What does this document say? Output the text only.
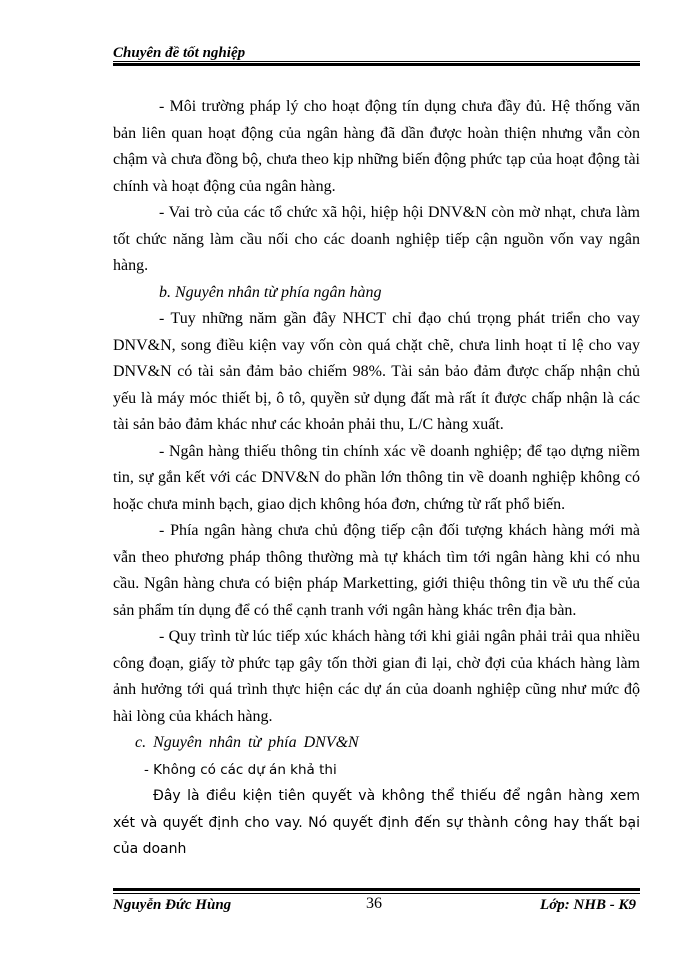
Chuyên đề tốt nghiệp

- Môi trường pháp lý cho hoạt động tín dụng chưa đầy đủ. Hệ thống văn bản liên quan hoạt động của ngân hàng đã dần được hoàn thiện nhưng vẫn còn chậm và chưa đồng bộ, chưa theo kịp những biến động phức tạp của hoạt động tài chính và hoạt động của ngân hàng.

- Vai trò của các tổ chức xã hội, hiệp hội DNV&N còn mờ nhạt, chưa làm tốt chức năng làm cầu nối cho các doanh nghiệp tiếp cận nguồn vốn vay ngân hàng.

b. Nguyên nhân từ phía ngân hàng

- Tuy những năm gần đây NHCT chỉ đạo chú trọng phát triển cho vay DNV&N, song điều kiện vay vốn còn quá chặt chẽ, chưa linh hoạt tỉ lệ cho vay DNV&N có tài sản đảm bảo chiếm 98%. Tài sản bảo đảm được chấp nhận chủ yếu là máy móc thiết bị, ô tô, quyền sử dụng đất mà rất ít được chấp nhận là các tài sản bảo đảm khác như các khoản phải thu, L/C hàng xuất.

- Ngân hàng thiếu thông tin chính xác về doanh nghiệp; để tạo dựng niềm tin, sự gắn kết với các DNV&N do phần lớn thông tin về doanh nghiệp không có hoặc chưa minh bạch, giao dịch không hóa đơn, chứng từ rất phổ biến.

- Phía ngân hàng chưa chủ động tiếp cận đối tượng khách hàng mới mà vẫn theo phương pháp thông thường mà tự khách tìm tới ngân hàng khi có nhu cầu. Ngân hàng chưa có biện pháp Marketting, giới thiệu thông tin về ưu thế của sản phẩm tín dụng để có thể cạnh tranh với ngân hàng khác trên địa bàn.

- Quy trình từ lúc tiếp xúc khách hàng tới khi giải ngân phải trải qua nhiều công đoạn, giấy tờ phức tạp gây tốn thời gian đi lại, chờ đợi của khách hàng làm ảnh hưởng tới quá trình thực hiện các dự án của doanh nghiệp cũng như mức độ hài lòng của khách hàng.

c. Nguyên nhân từ phía DNV&N

- Không có các dự án khả thi

Đây là điều kiện tiên quyết và không thể thiếu để ngân hàng xem xét và quyết định cho vay. Nó quyết định đến sự thành công hay thất bại của doanh

Nguyễn Đức Hùng	36	Lớp: NHB - K9
